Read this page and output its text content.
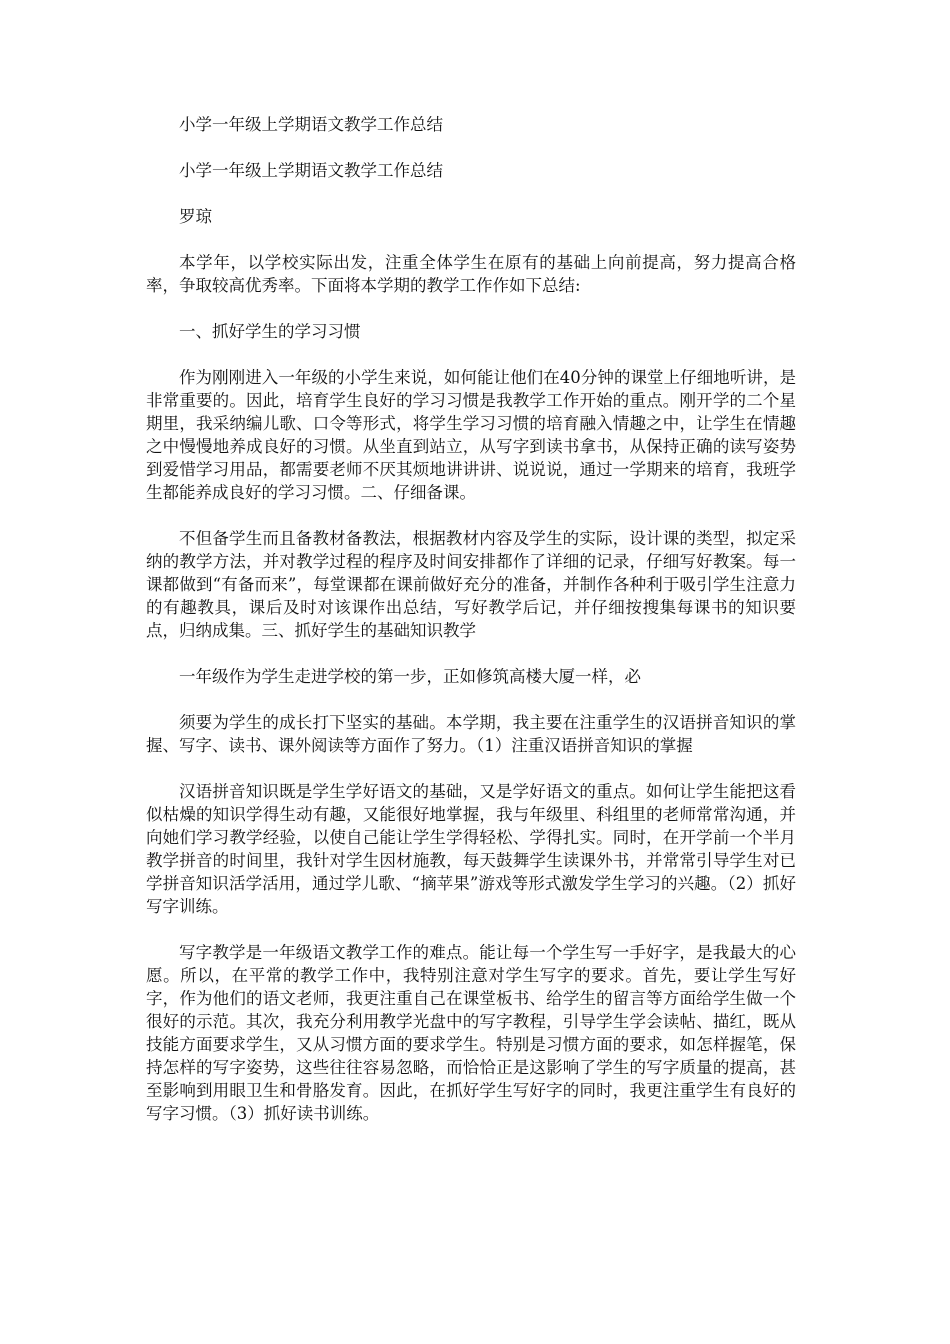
小学一年级上学期语文教学工作总结

小学一年级上学期语文教学工作总结

罗琼

本学年，以学校实际出发，注重全体学生在原有的基础上向前提高，努力提高合格率，争取较高优秀率。下面将本学期的教学工作作如下总结:

一、抓好学生的学习习惯

作为刚刚进入一年级的小学生来说，如何能让他们在40分钟的课堂上仔细地听讲，是非常重要的。因此，培育学生良好的学习习惯是我教学工作开始的重点。刚开学的二个星期里，我采纳编儿歌、口令等形式，将学生学习习惯的培育融入情趣之中，让学生在情趣之中慢慢地养成良好的习惯。从坐直到站立，从写字到读书拿书，从保持正确的读写姿势到爱惜学习用品，都需要老师不厌其烦地讲讲讲、说说说，通过一学期来的培育，我班学生都能养成良好的学习习惯。二、仔细备课。

不但备学生而且备教材备教法，根据教材内容及学生的实际，设计课的类型，拟定采纳的教学方法，并对教学过程的程序及时间安排都作了详细的记录，仔细写好教案。每一课都做到“有备而来”，每堂课都在课前做好充分的准备，并制作各种利于吸引学生注意力的有趣教具，课后及时对该课作出总结，写好教学后记，并仔细按搜集每课书的知识要点，归纳成集。三、抓好学生的基础知识教学

一年级作为学生走进学校的第一步，正如修筑高楼大厦一样，必

须要为学生的成长打下坚实的基础。本学期，我主要在注重学生的汉语拼音知识的掌握、写字、读书、课外阅读等方面作了努力。（1）注重汉语拼音知识的掌握

汉语拼音知识既是学生学好语文的基础，又是学好语文的重点。如何让学生能把这看似枯燥的知识学得生动有趣，又能很好地掌握，我与年级里、科组里的老师常常沟通，并向她们学习教学经验，以使自己能让学生学得轻松、学得扎实。同时，在开学前一个半月教学拼音的时间里，我针对学生因材施教，每天鼓舞学生读课外书，并常常引导学生对已学拼音知识活学活用，通过学儿歌、“摘苹果”游戏等形式激发学生学习的兴趣。（2）抓好写字训练。

写字教学是一年级语文教学工作的难点。能让每一个学生写一手好字，是我最大的心愿。所以，在平常的教学工作中，我特别注意对学生写字的要求。首先，要让学生写好字，作为他们的语文老师，我更注重自己在课堂板书、给学生的留言等方面给学生做一个很好的示范。其次，我充分利用教学光盘中的写字教程，引导学生学会读帖、描红，既从技能方面要求学生，又从习惯方面的要求学生。特别是习惯方面的要求，如怎样握笔，保持怎样的写字姿势，这些往往容易忽略，而恰恰正是这影响了学生的写字质量的提高，甚至影响到用眼卫生和骨胳发育。因此，在抓好学生写好字的同时，我更注重学生有良好的写字习惯。（3）抓好读书训练。
